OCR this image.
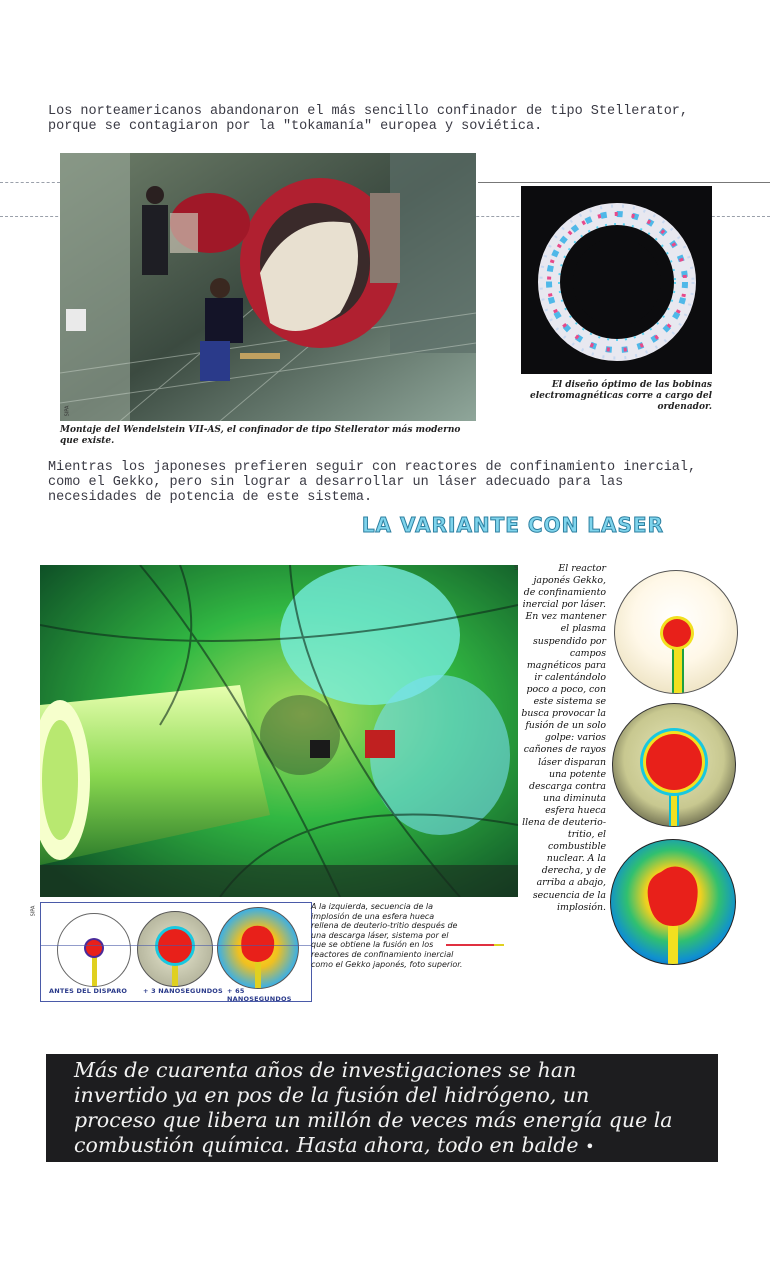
Los norteamericanos abandonaron el más sencillo confinador de tipo Stellerator, porque se contagiaron por la "tokamanía" europea y soviética.
SIPA
Montaje del Wendelstein VII-AS, el confinador de tipo Stellerator más moderno que existe.
El diseño óptimo de las bobinas electromagnéticas corre a cargo del ordenador.
Mientras los japoneses prefieren seguir con reactores de confinamiento inercial, como el Gekko, pero sin lograr a desarrollar un láser adecuado para las necesidades de potencia de este sistema.
LA VARIANTE CON LASER
S	El reactor japonés Gekko, de confinamiento inercial por láser. En vez mantener el plasma suspendido por campos magnéticos para ir calentándolo poco a poco, con este sistema se busca provocar la fusión de un solo golpe: varios cañones de rayos láser disparan una potente descarga contra una diminuta esfera hueca llena de deuterio-tritio, el combustible nuclear. A la derecha, y de arriba a abajo, secuencia de la implosión.
ANTES DEL DISPARO + 3 NANOSEGUNDOS + 65 NANOSEGUNDOS
SIPA	A la izquierda, secuencia de la implosión de una esfera hueca rellena de deuterio-tritio después de una descarga láser, sistema por el que se obtiene la fusión en los reactores de confinamiento inercial como el Gekko japonés, foto superior.
Más de cuarenta años de investigaciones se han invertido ya en pos de la fusión del hidrógeno, un proceso que libera un millón de veces más energía que la combustión química. Hasta ahora, todo en balde •
